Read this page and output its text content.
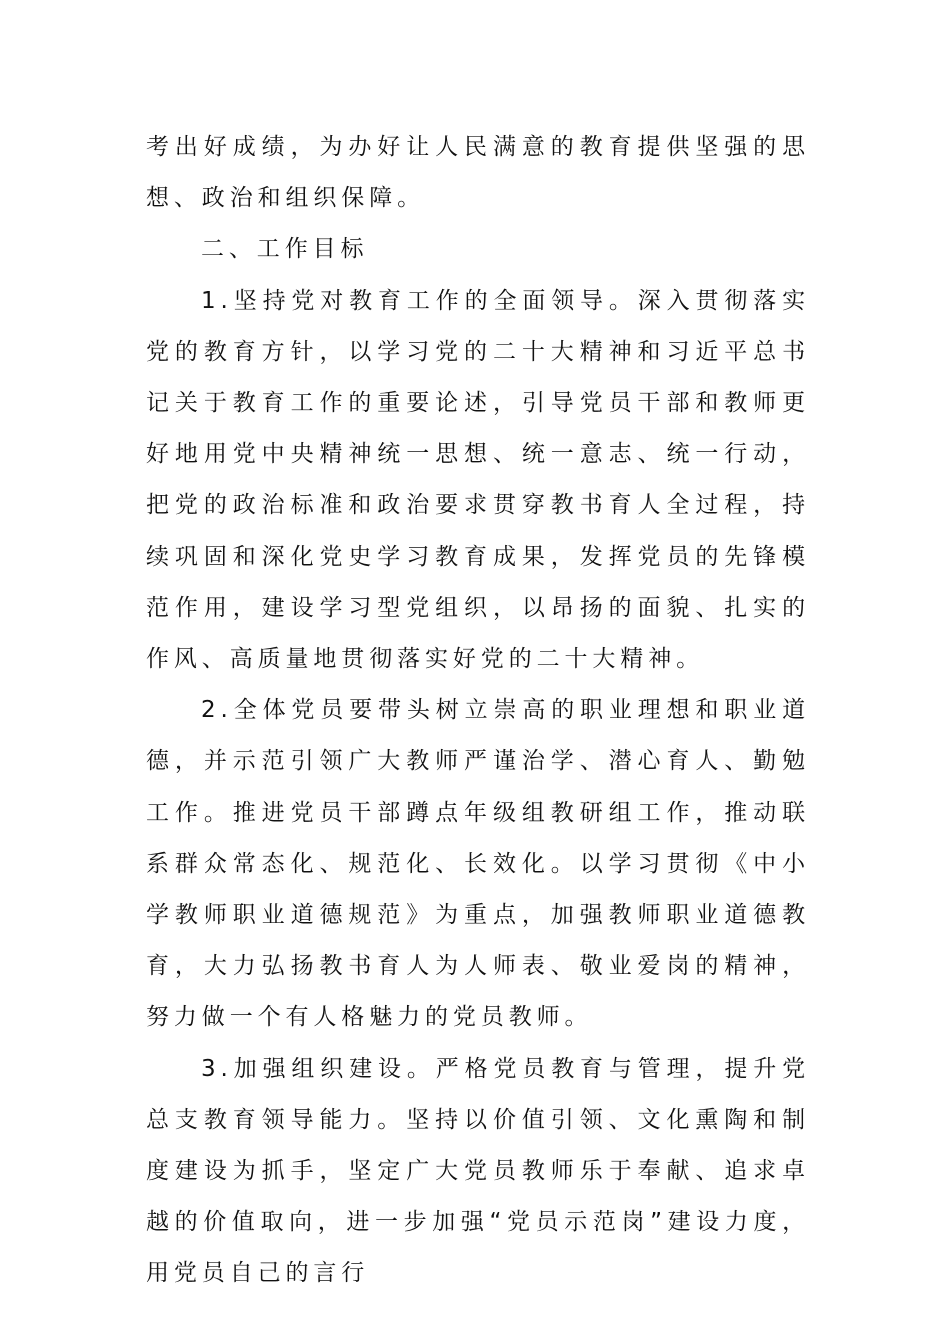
考出好成绩，为办好让人民满意的教育提供坚强的思想、政治和组织保障。

二、工作目标

1.坚持党对教育工作的全面领导。深入贯彻落实党的教育方针，以学习党的二十大精神和习近平总书记关于教育工作的重要论述，引导党员干部和教师更好地用党中央精神统一思想、统一意志、统一行动，把党的政治标准和政治要求贯穿教书育人全过程，持续巩固和深化党史学习教育成果，发挥党员的先锋模范作用，建设学习型党组织，以昂扬的面貌、扎实的作风、高质量地贯彻落实好党的二十大精神。

2.全体党员要带头树立崇高的职业理想和职业道德，并示范引领广大教师严谨治学、潜心育人、勤勉工作。推进党员干部蹲点年级组教研组工作，推动联系群众常态化、规范化、长效化。以学习贯彻《中小学教师职业道德规范》为重点，加强教师职业道德教育，大力弘扬教书育人为人师表、敬业爱岗的精神，努力做一个有人格魅力的党员教师。

3.加强组织建设。严格党员教育与管理，提升党总支教育领导能力。坚持以价值引领、文化熏陶和制度建设为抓手，坚定广大党员教师乐于奉献、追求卓越的价值取向，进一步加强“党员示范岗”建设力度，用党员自己的言行
